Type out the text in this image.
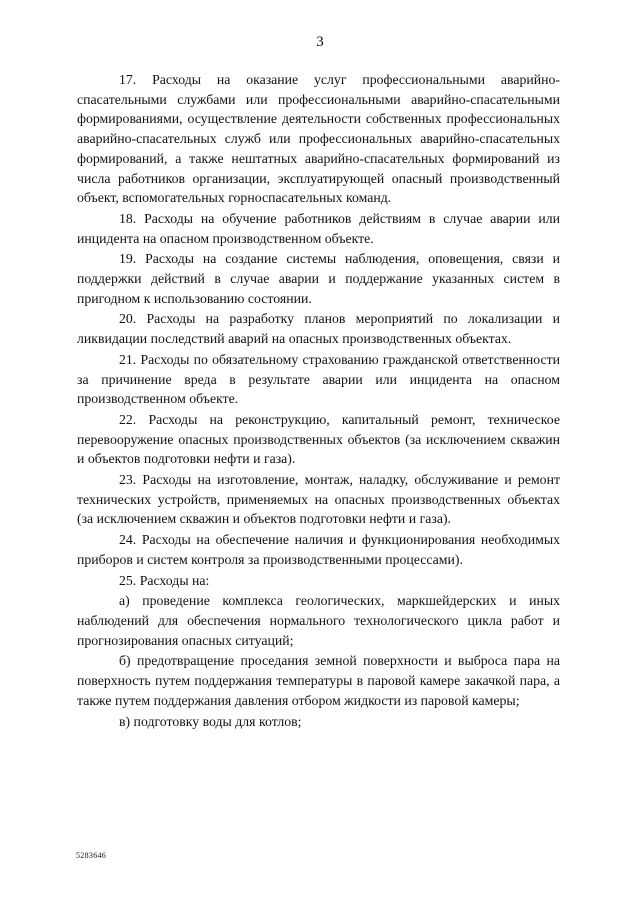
3

17. Расходы на оказание услуг профессиональными аварийно-спасательными службами или профессиональными аварийно-спасательными формированиями, осуществление деятельности собственных профессиональных аварийно-спасательных служб или профессиональных аварийно-спасательных формирований, а также нештатных аварийно-спасательных формирований из числа работников организации, эксплуатирующей опасный производственный объект, вспомогательных горноспасательных команд.

18. Расходы на обучение работников действиям в случае аварии или инцидента на опасном производственном объекте.

19. Расходы на создание системы наблюдения, оповещения, связи и поддержки действий в случае аварии и поддержание указанных систем в пригодном к использованию состоянии.

20. Расходы на разработку планов мероприятий по локализации и ликвидации последствий аварий на опасных производственных объектах.

21. Расходы по обязательному страхованию гражданской ответственности за причинение вреда в результате аварии или инцидента на опасном производственном объекте.

22. Расходы на реконструкцию, капитальный ремонт, техническое перевооружение опасных производственных объектов (за исключением скважин и объектов подготовки нефти и газа).

23. Расходы на изготовление, монтаж, наладку, обслуживание и ремонт технических устройств, применяемых на опасных производственных объектах (за исключением скважин и объектов подготовки нефти и газа).

24. Расходы на обеспечение наличия и функционирования необходимых приборов и систем контроля за производственными процессами).

25. Расходы на:

а) проведение комплекса геологических, маркшейдерских и иных наблюдений для обеспечения нормального технологического цикла работ и прогнозирования опасных ситуаций;

б) предотвращение проседания земной поверхности и выброса пара на поверхность путем поддержания температуры в паровой камере закачкой пара, а также путем поддержания давления отбором жидкости из паровой камеры;

в) подготовку воды для котлов;

5283646
